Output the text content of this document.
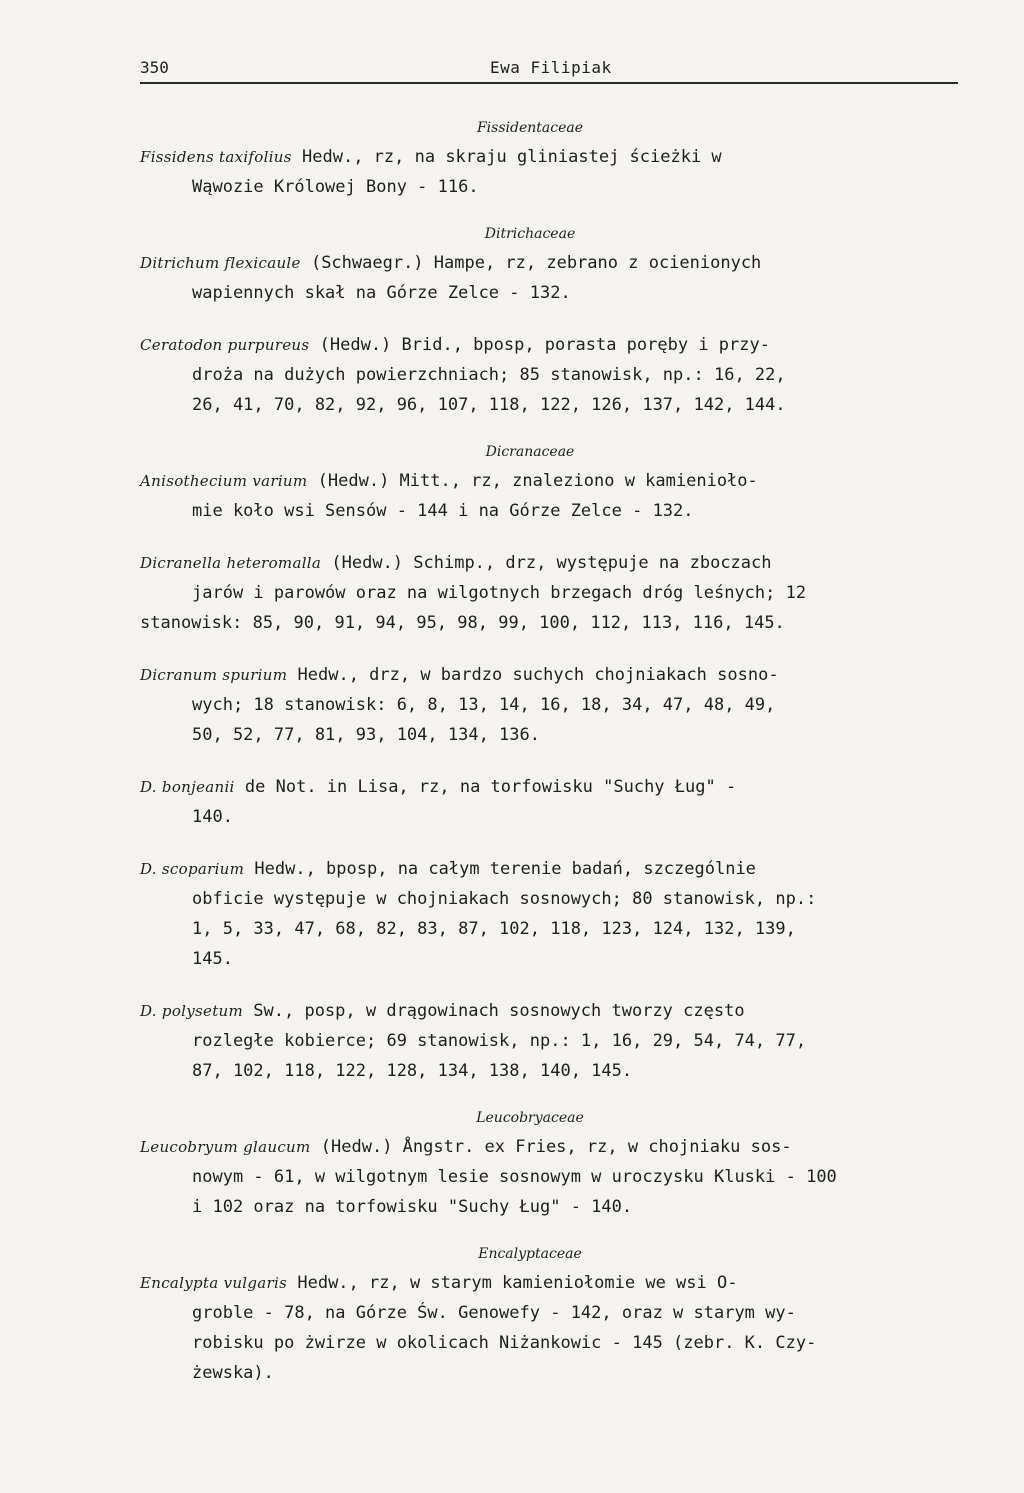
350	Ewa Filipiak
Fissidentaceae
Fissidens taxifolius Hedw., rz, na skraju gliniastej ścieżki w
Wąwozie Królowej Bony - 116.
Ditrichaceae
Ditrichum flexicaule (Schwaegr.) Hampe, rz, zebrano z ocienionych
wapiennych skał na Górze Zelce - 132.
Ceratodon purpureus (Hedw.) Brid., bposp, porasta poręby i przy-
droża na dużych powierzchniach; 85 stanowisk, np.: 16, 22,
26, 41, 70, 82, 92, 96, 107, 118, 122, 126, 137, 142, 144.
Dicranaceae
Anisothecium varium (Hedw.) Mitt., rz, znaleziono w kamieniоło-
mie koło wsi Sensów - 144 i na Górze Zelce - 132.
Dicranella heteromalla (Hedw.) Schimp., drz, występuje na zboczach
jarów i parowów oraz na wilgotnych brzegach dróg leśnych; 12
stanowisk: 85, 90, 91, 94, 95, 98, 99, 100, 112, 113, 116, 145.
Dicranum spurium Hedw., drz, w bardzo suchych chojniakach sosno-
wych; 18 stanowisk: 6, 8, 13, 14, 16, 18, 34, 47, 48, 49,
50, 52, 77, 81, 93, 104, 134, 136.
D. bonjeanii de Not. in Lisa, rz, na torfowisku "Suchy Ług" -
140.
D. scoparium Hedw., bposp, na całym terenie badań, szczególnie
obficie występuje w chojniakach sosnowych; 80 stanowisk, np.:
1, 5, 33, 47, 68, 82, 83, 87, 102, 118, 123, 124, 132, 139,
145.
D. polysetum Sw., posp, w drągowinach sosnowych tworzy często
rozległe kobierce; 69 stanowisk, np.: 1, 16, 29, 54, 74, 77,
87, 102, 118, 122, 128, 134, 138, 140, 145.
Leucobryaceae
Leucobryum glaucum (Hedw.) Ångstr. ex Fries, rz, w chojniaku sos-
nowym - 61, w wilgotnym lesie sosnowym w uroczysku Kluski - 100
i 102 oraz na torfowisku "Suchy Ług" - 140.
Encalyptaceae
Encalypta vulgaris Hedw., rz, w starym kamieniołomie we wsi O-
groble - 78, na Górze Św. Genowefy - 142, oraz w starym wy-
robisku po żwirze w okolicach Niżankowic - 145 (zebr. K. Czy-
żewska).
